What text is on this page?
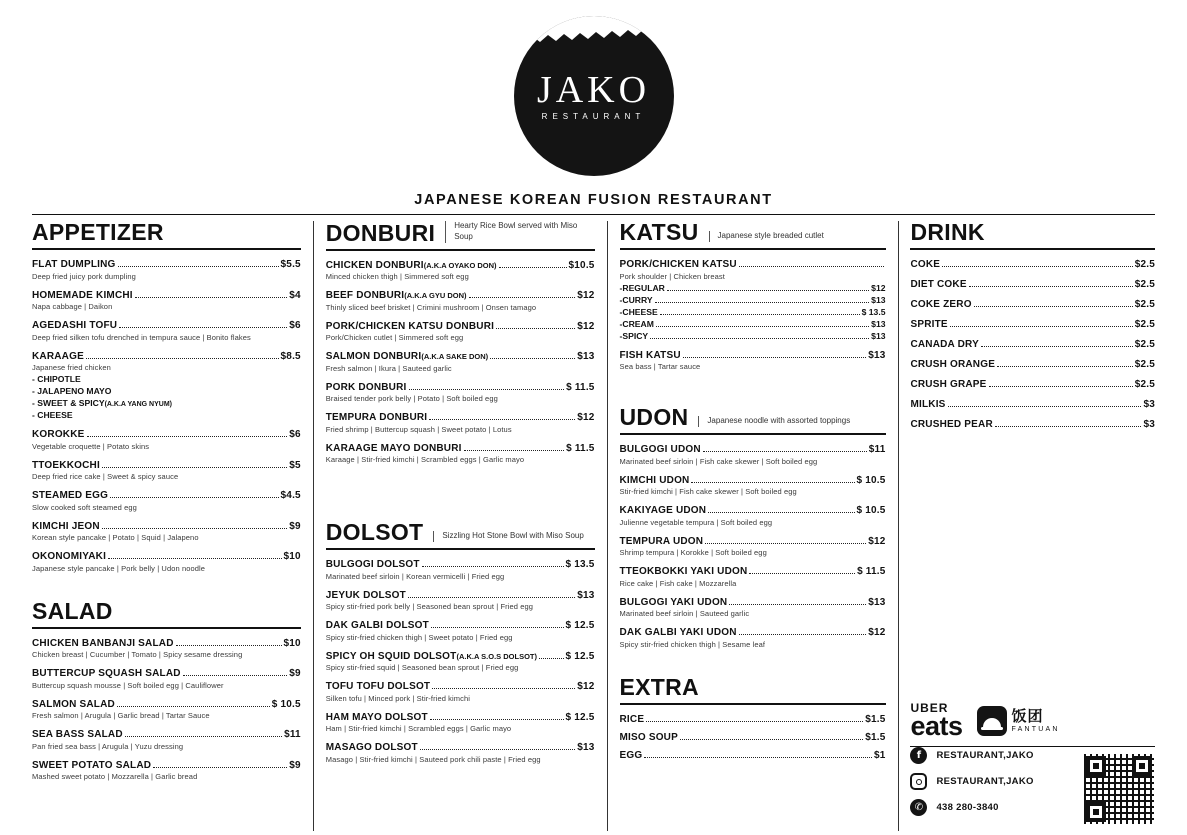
JAKO
RESTAURANT
JAPANESE KOREAN FUSION RESTAURANT
APPETIZER
FLAT DUMPLING	$5.5
Deep fried juicy pork dumpling
HOMEMADE KIMCHI	$4
Napa cabbage | Daikon
AGEDASHI TOFU	$6
Deep fried silken tofu drenched in tempura sauce | Bonito flakes
KARAAGE	$8.5
Japanese fried chicken
- CHIPOTLE
- JALAPENO MAYO
- SWEET & SPICY(A.K.A YANG NYUM)
- CHEESE
KOROKKE	$6
Vegetable croquette | Potato skins
TTOEKKOCHI	$5
Deep fried rice cake | Sweet & spicy sauce
STEAMED EGG	$4.5
Slow cooked soft steamed egg
KIMCHI JEON	$9
Korean style pancake | Potato | Squid | Jalapeno
OKONOMIYAKI	$10
Japanese style pancake | Pork belly | Udon noodle
SALAD
CHICKEN BANBANJI SALAD	$10
Chicken breast | Cucumber | Tomato | Spicy sesame dressing
BUTTERCUP SQUASH SALAD	$9
Buttercup squash mousse | Soft boiled egg | Cauliflower
SALMON SALAD	$ 10.5
Fresh salmon | Arugula | Garlic bread | Tartar Sauce
SEA BASS SALAD	$11
Pan fried sea bass | Arugula | Yuzu dressing
SWEET POTATO SALAD	$9
Mashed sweet potato | Mozzarella | Garlic bread
DONBURI	Hearty Rice Bowl served with Miso Soup
CHICKEN DONBURI(A.K.A OYAKO DON)	$10.5
Minced chicken thigh | Simmered soft egg
BEEF DONBURI(A.K.A GYU DON)	$12
Thinly sliced beef brisket | Crimini mushroom | Onsen tamago
PORK/CHICKEN KATSU DONBURI	$12
Pork/Chicken cutlet | Simmered soft egg
SALMON DONBURI(A.K.A SAKE DON)	$13
Fresh salmon | Ikura | Sauteed garlic
PORK DONBURI	$ 11.5
Braised tender pork belly | Potato | Soft boiled egg
TEMPURA DONBURI	$12
Fried shrimp | Buttercup squash | Sweet potato | Lotus
KARAAGE MAYO DONBURI	$ 11.5
Karaage | Stir-fried kimchi | Scrambled eggs | Garlic mayo
DOLSOT	Sizzling Hot Stone Bowl with Miso Soup
BULGOGI DOLSOT	$ 13.5
Marinated beef sirloin | Korean vermicelli | Fried egg
JEYUK DOLSOT	$13
Spicy stir-fried pork belly | Seasoned bean sprout | Fried egg
DAK GALBI DOLSOT	$ 12.5
Spicy stir-fried chicken thigh | Sweet potato | Fried egg
SPICY OH SQUID DOLSOT(A.K.A S.O.S DOLSOT)	$ 12.5
Spicy stir-fried squid | Seasoned bean sprout | Fried egg
TOFU TOFU DOLSOT	$12
Silken tofu | Minced pork | Stir-fried kimchi
HAM MAYO DOLSOT	$ 12.5
Ham | Stir-fried kimchi | Scrambled eggs | Garlic mayo
MASAGO DOLSOT	$13
Masago | Stir-fried kimchi | Sauteed pork chili paste | Fried egg
KATSU	Japanese style breaded cutlet
PORK/CHICKEN KATSU
Pork shoulder | Chicken breast
-REGULAR	$12
-CURRY	$13
-CHEESE	$ 13.5
-CREAM	$13
-SPICY	$13
FISH KATSU	$13
Sea bass | Tartar sauce
UDON	Japanese noodle with assorted toppings
BULGOGI UDON	$11
Marinated beef sirloin | Fish cake skewer | Soft boiled egg
KIMCHI UDON	$ 10.5
Stir-fried kimchi | Fish cake skewer | Soft boiled egg
KAKIYAGE UDON	$ 10.5
Julienne vegetable tempura | Soft boiled egg
TEMPURA UDON	$12
Shrimp tempura | Korokke | Soft boiled egg
TTEOKBOKKI YAKI UDON	$ 11.5
Rice cake | Fish cake | Mozzarella
BULGOGI YAKI UDON	$13
Marinated beef sirloin | Sauteed garlic
DAK GALBI YAKI UDON	$12
Spicy stir-fried chicken thigh | Sesame leaf
EXTRA
RICE	$1.5
MISO SOUP	$1.5
EGG	$1
DRINK
COKE	$2.5
DIET COKE	$2.5
COKE ZERO	$2.5
SPRITE	$2.5
CANADA DRY	$2.5
CRUSH ORANGE	$2.5
CRUSH GRAPE	$2.5
MILKIS	$3
CRUSHED PEAR	$3
UBER
eats	饭团
FANTUAN
f	RESTAURANT,JAKO
RESTAURANT,JAKO
✆	438 280-3840
